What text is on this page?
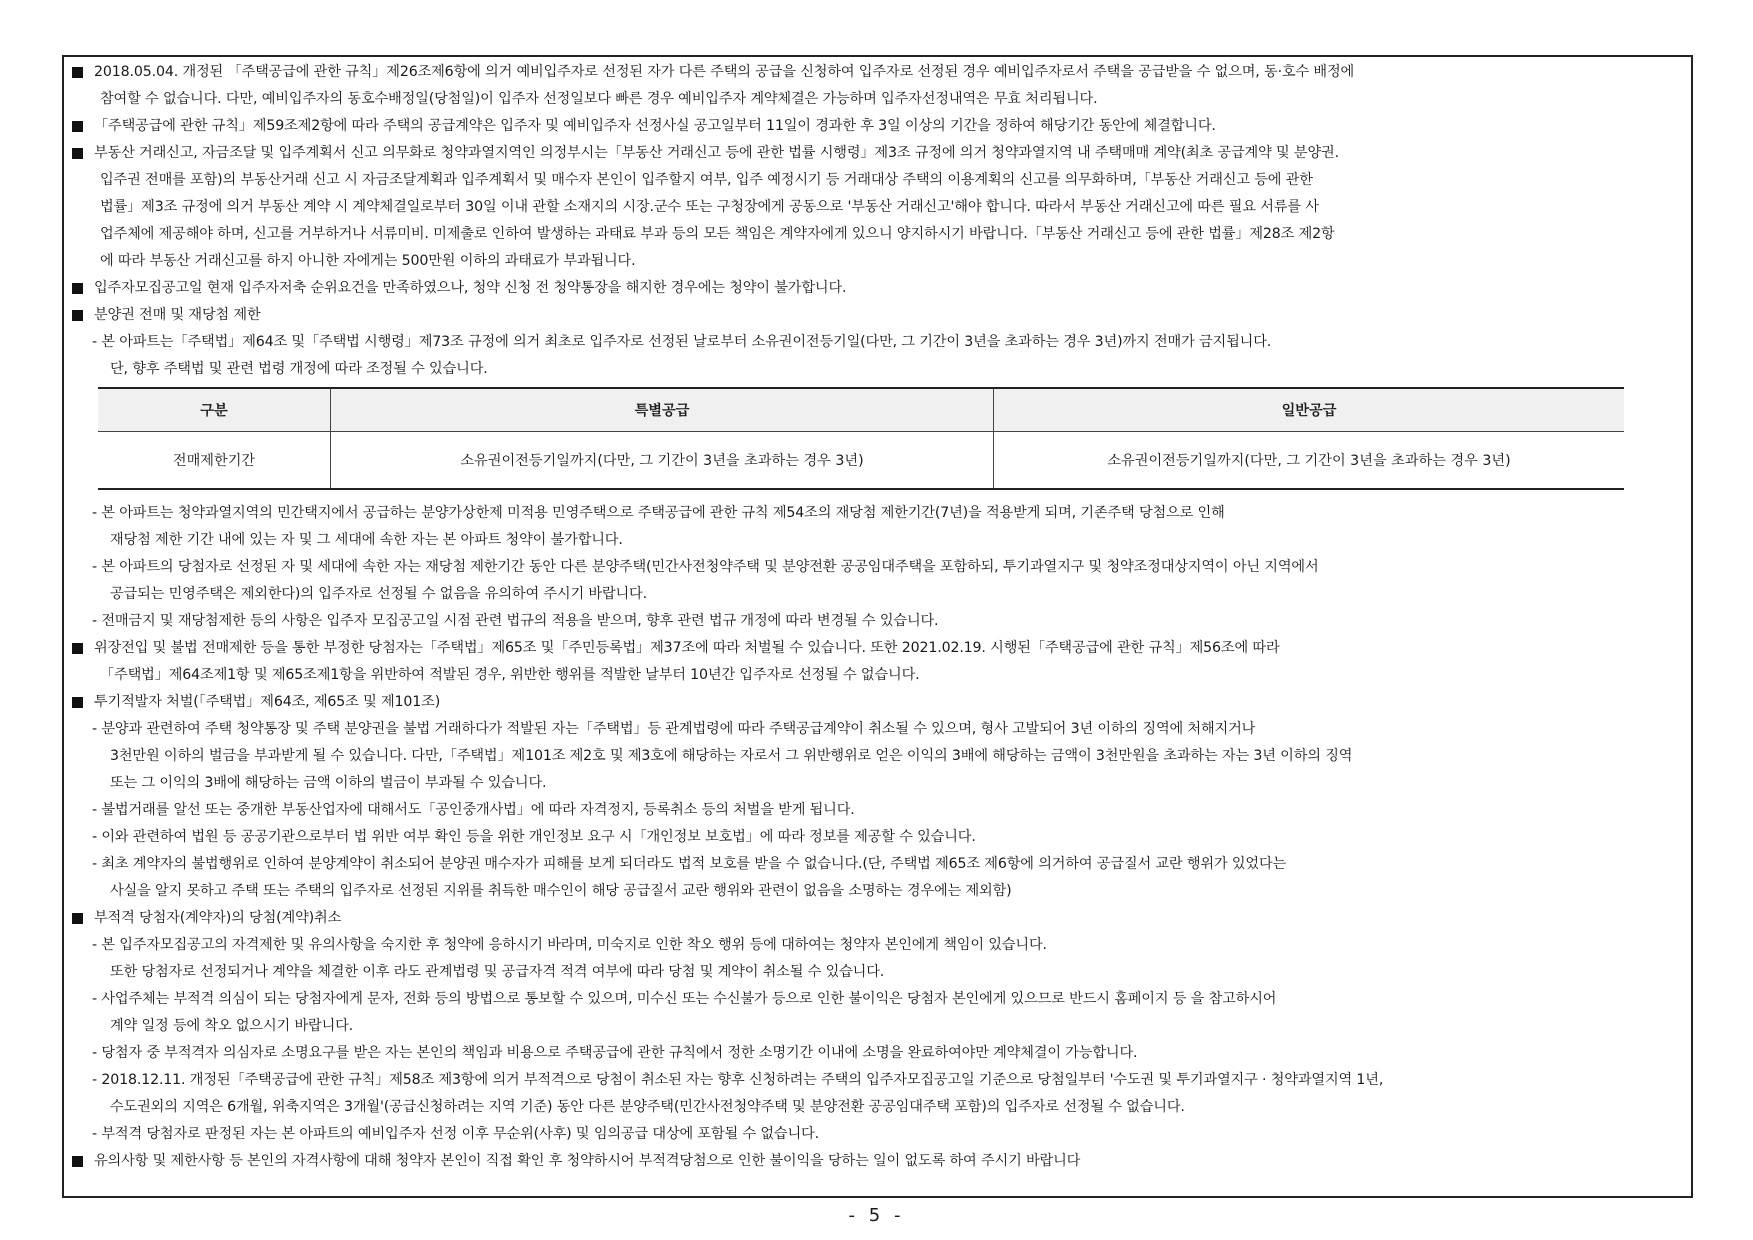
2018.05.04. 개정된 「주택공급에 관한 규칙」제26조제6항에 의거 예비입주자로 선정된 자가 다른 주택의 공급을 신청하여 입주자로 선정된 경우 예비입주자로서 주택을 공급받을 수 없으며, 동·호수 배정에
참여할 수 없습니다. 다만, 예비입주자의 동호수배정일(당첨일)이 입주자 선정일보다 빠른 경우 예비입주자 계약체결은 가능하며 입주자선정내역은 무효 처리됩니다.
「주택공급에 관한 규칙」제59조제2항에 따라 주택의 공급계약은 입주자 및 예비입주자 선정사실 공고일부터 11일이 경과한 후 3일 이상의 기간을 정하여 해당기간 동안에 체결합니다.
부동산 거래신고, 자금조달 및 입주계획서 신고 의무화로 청약과열지역인 의정부시는「부동산 거래신고 등에 관한 법률 시행령」제3조 규정에 의거 청약과열지역 내 주택매매 계약(최초 공급계약 및 분양권.
입주권 전매를 포함)의 부동산거래 신고 시 자금조달계획과 입주계획서 및 매수자 본인이 입주할지 여부, 입주 예정시기 등 거래대상 주택의 이용계획의 신고를 의무화하며,「부동산 거래신고 등에 관한
법률」제3조 규정에 의거 부동산 계약 시 계약체결일로부터 30일 이내 관할 소재지의 시장.군수 또는 구청장에게 공동으로 '부동산 거래신고'해야 합니다. 따라서 부동산 거래신고에 따른 필요 서류를 사
업주체에 제공해야 하며, 신고를 거부하거나 서류미비. 미제출로 인하여 발생하는 과태료 부과 등의 모든 책임은 계약자에게 있으니 양지하시기 바랍니다.「부동산 거래신고 등에 관한 법률」제28조 제2항
에 따라 부동산 거래신고를 하지 아니한 자에게는 500만원 이하의 과태료가 부과됩니다.
입주자모집공고일 현재 입주자저축 순위요건을 만족하였으나, 청약 신청 전 청약통장을 해지한 경우에는 청약이 불가합니다.
분양권 전매 및 재당첨 제한
- 본 아파트는「주택법」제64조 및「주택법 시행령」제73조 규정에 의거 최초로 입주자로 선정된 날로부터 소유권이전등기일(다만, 그 기간이 3년을 초과하는 경우 3년)까지 전매가 금지됩니다.
단, 향후 주택법 및 관련 법령 개정에 따라 조정될 수 있습니다.
구분	특별공급	일반공급
전매제한기간	소유권이전등기일까지(다만, 그 기간이 3년을 초과하는 경우 3년)	소유권이전등기일까지(다만, 그 기간이 3년을 초과하는 경우 3년)
- 본 아파트는 청약과열지역의 민간택지에서 공급하는 분양가상한제 미적용 민영주택으로 주택공급에 관한 규칙 제54조의 재당첨 제한기간(7년)을 적용받게 되며, 기존주택 당첨으로 인해
재당첨 제한 기간 내에 있는 자 및 그 세대에 속한 자는 본 아파트 청약이 불가합니다.
- 본 아파트의 당첨자로 선정된 자 및 세대에 속한 자는 재당첨 제한기간 동안 다른 분양주택(민간사전청약주택 및 분양전환 공공임대주택을 포함하되, 투기과열지구 및 청약조정대상지역이 아닌 지역에서
공급되는 민영주택은 제외한다)의 입주자로 선정될 수 없음을 유의하여 주시기 바랍니다.
- 전매금지 및 재당첨제한 등의 사항은 입주자 모집공고일 시점 관련 법규의 적용을 받으며, 향후 관련 법규 개정에 따라 변경될 수 있습니다.
위장전입 및 불법 전매제한 등을 통한 부정한 당첨자는「주택법」제65조 및「주민등록법」제37조에 따라 처벌될 수 있습니다. 또한 2021.02.19. 시행된「주택공급에 관한 규칙」제56조에 따라
「주택법」제64조제1항 및 제65조제1항을 위반하여 적발된 경우, 위반한 행위를 적발한 날부터 10년간 입주자로 선정될 수 없습니다.
투기적발자 처벌(「주택법」제64조, 제65조 및 제101조)
- 분양과 관련하여 주택 청약통장 및 주택 분양권을 불법 거래하다가 적발된 자는「주택법」등 관계법령에 따라 주택공급계약이 취소될 수 있으며, 형사 고발되어 3년 이하의 징역에 처해지거나
3천만원 이하의 벌금을 부과받게 될 수 있습니다. 다만,「주택법」제101조 제2호 및 제3호에 해당하는 자로서 그 위반행위로 얻은 이익의 3배에 해당하는 금액이 3천만원을 초과하는 자는 3년 이하의 징역
또는 그 이익의 3배에 해당하는 금액 이하의 벌금이 부과될 수 있습니다.
- 불법거래를 알선 또는 중개한 부동산업자에 대해서도「공인중개사법」에 따라 자격정지, 등록취소 등의 처벌을 받게 됩니다.
- 이와 관련하여 법원 등 공공기관으로부터 법 위반 여부 확인 등을 위한 개인정보 요구 시「개인정보 보호법」에 따라 정보를 제공할 수 있습니다.
- 최초 계약자의 불법행위로 인하여 분양계약이 취소되어 분양권 매수자가 피해를 보게 되더라도 법적 보호를 받을 수 없습니다.(단, 주택법 제65조 제6항에 의거하여 공급질서 교란 행위가 있었다는
사실을 알지 못하고 주택 또는 주택의 입주자로 선정된 지위를 취득한 매수인이 해당 공급질서 교란 행위와 관련이 없음을 소명하는 경우에는 제외함)
부적격 당첨자(계약자)의 당첨(계약)취소
- 본 입주자모집공고의 자격제한 및 유의사항을 숙지한 후 청약에 응하시기 바라며, 미숙지로 인한 착오 행위 등에 대하여는 청약자 본인에게 책임이 있습니다.
또한 당첨자로 선정되거나 계약을 체결한 이후 라도 관계법령 및 공급자격 적격 여부에 따라 당첨 및 계약이 취소될 수 있습니다.
- 사업주체는 부적격 의심이 되는 당첨자에게 문자, 전화 등의 방법으로 통보할 수 있으며, 미수신 또는 수신불가 등으로 인한 불이익은 당첨자 본인에게 있으므로 반드시 홈페이지 등 을 참고하시어
계약 일정 등에 착오 없으시기 바랍니다.
- 당첨자 중 부적격자 의심자로 소명요구를 받은 자는 본인의 책임과 비용으로 주택공급에 관한 규칙에서 정한 소명기간 이내에 소명을 완료하여야만 계약체결이 가능합니다.
- 2018.12.11. 개정된「주택공급에 관한 규칙」제58조 제3항에 의거 부적격으로 당첨이 취소된 자는 향후 신청하려는 주택의 입주자모집공고일 기준으로 당첨일부터 '수도권 및 투기과열지구 · 청약과열지역 1년,
수도권외의 지역은 6개월, 위축지역은 3개월'(공급신청하려는 지역 기준) 동안 다른 분양주택(민간사전청약주택 및 분양전환 공공임대주택 포함)의 입주자로 선정될 수 없습니다.
- 부적격 당첨자로 판정된 자는 본 아파트의 예비입주자 선정 이후 무순위(사후) 및 임의공급 대상에 포함될 수 없습니다.
유의사항 및 제한사항 등 본인의 자격사항에 대해 청약자 본인이 직접 확인 후 청약하시어 부적격당첨으로 인한 불이익을 당하는 일이 없도록 하여 주시기 바랍니다
- 5 -
